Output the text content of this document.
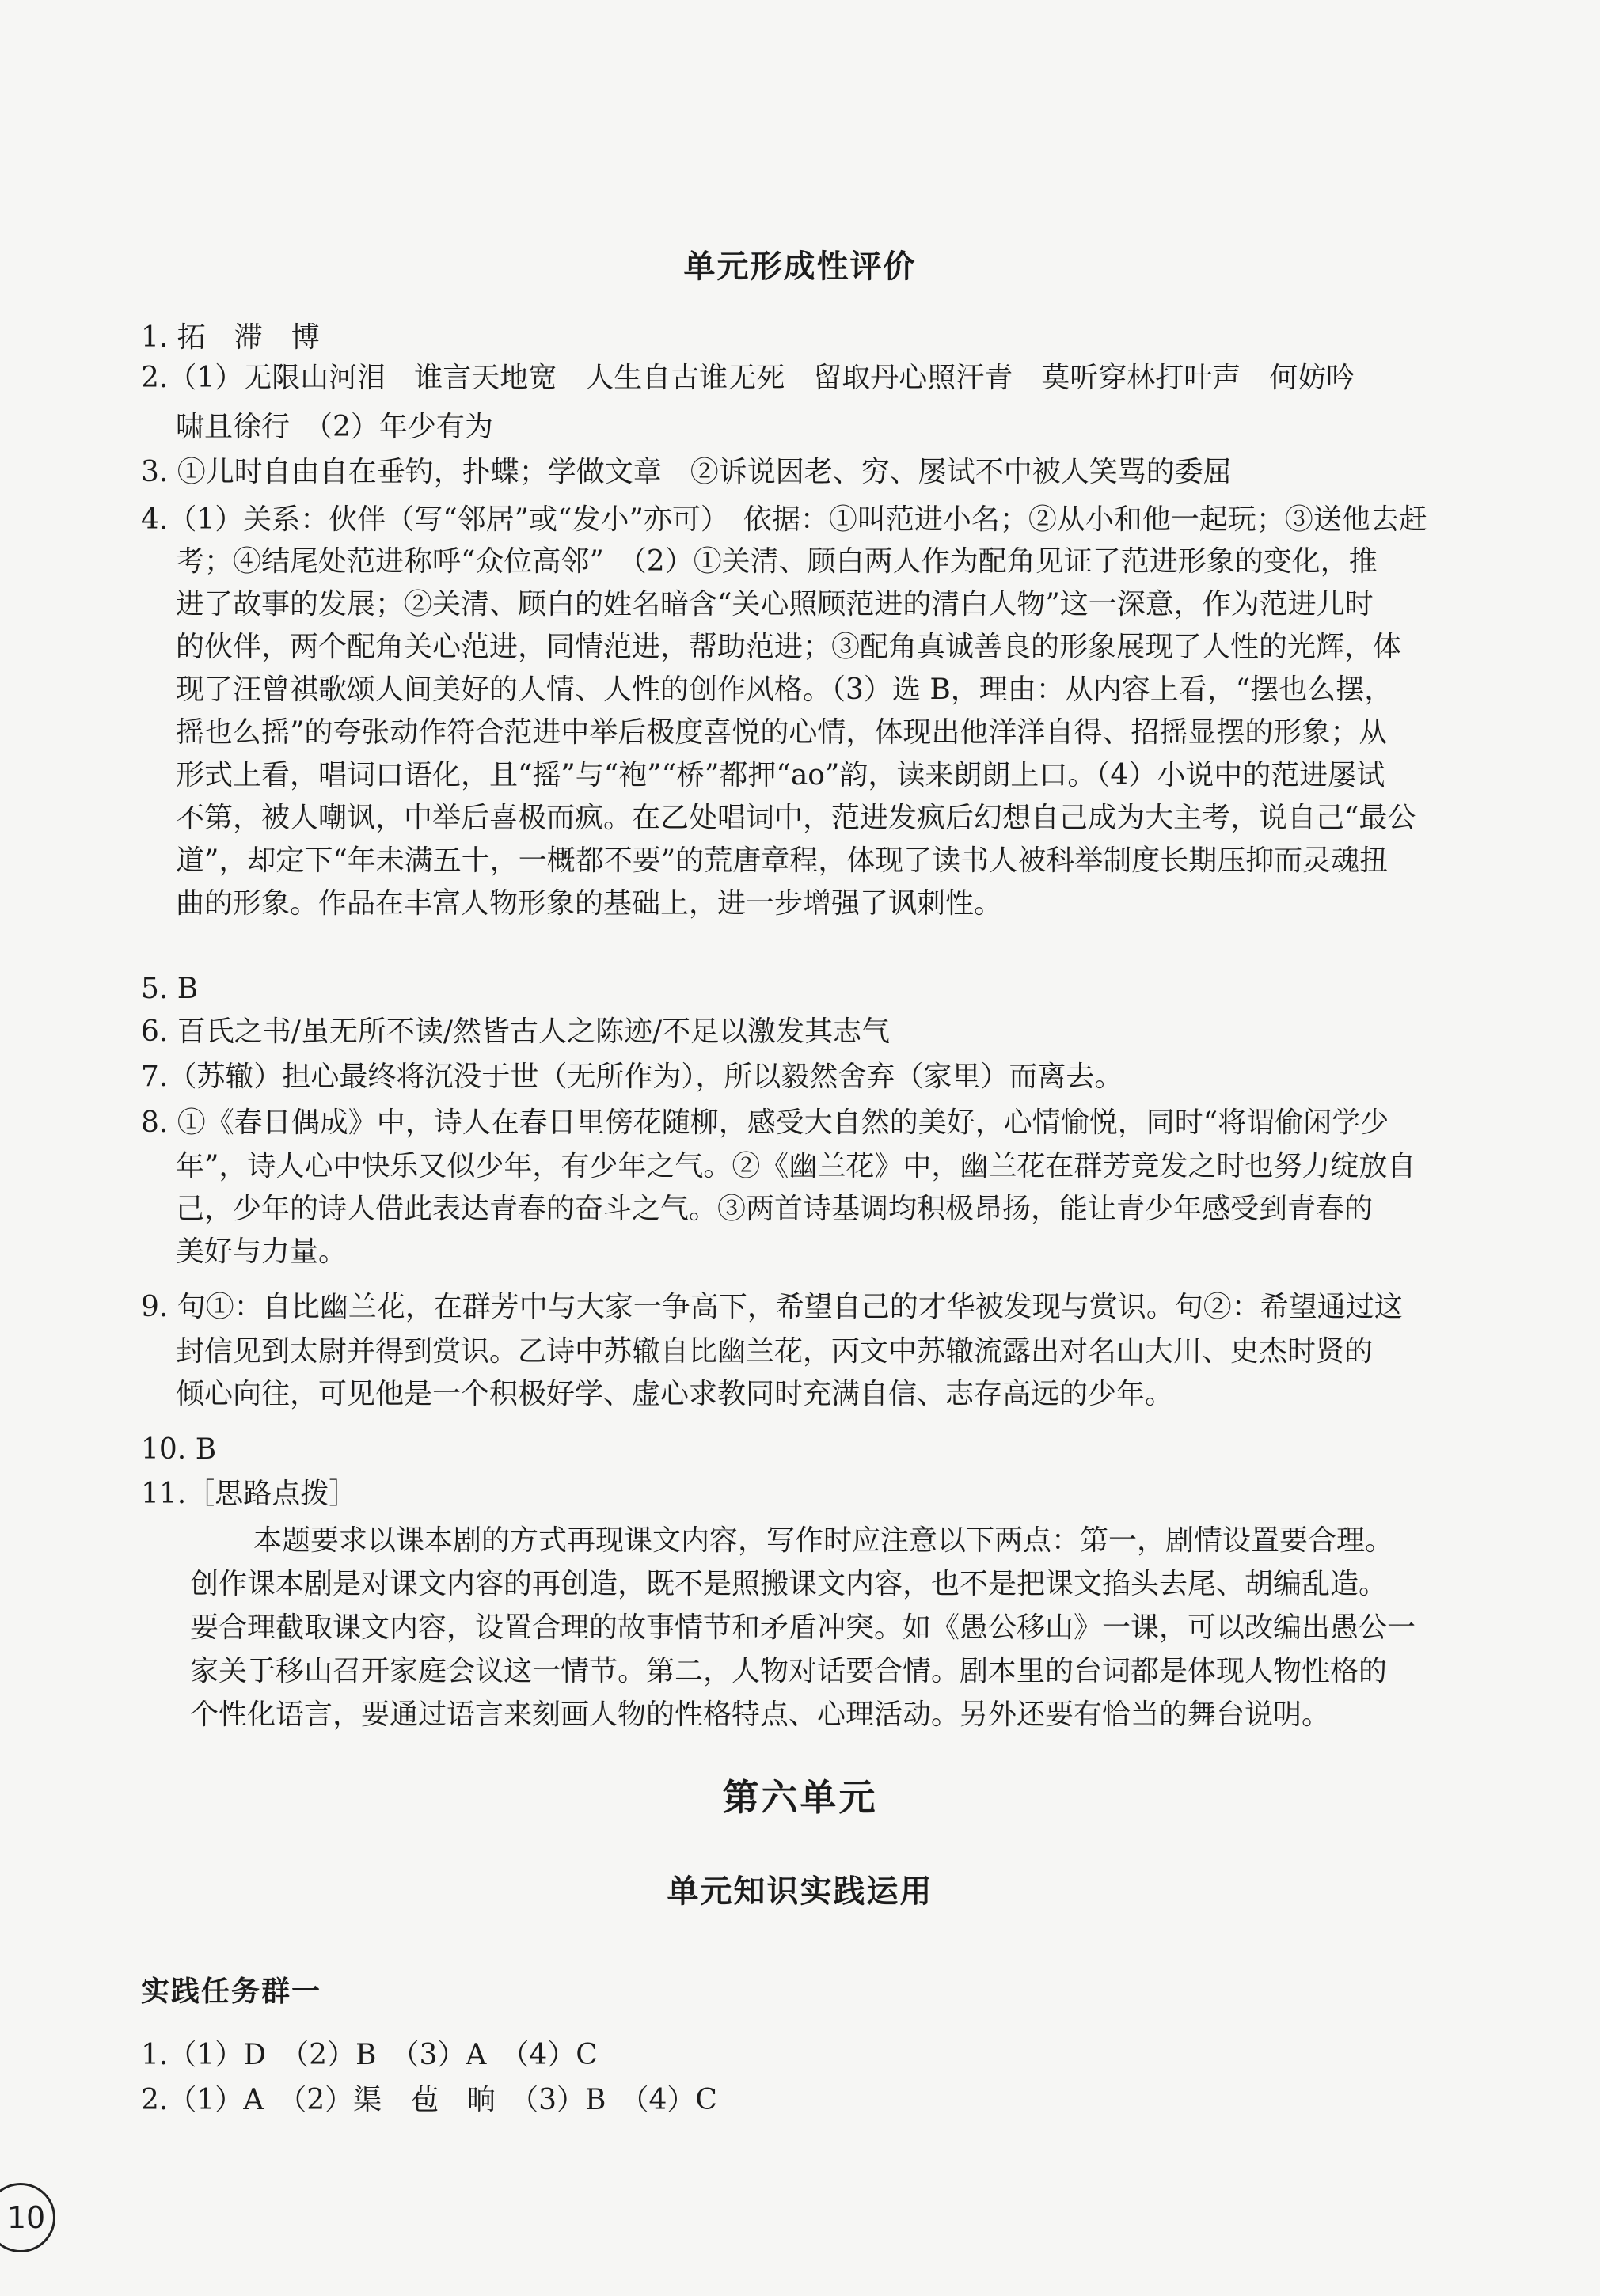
单元形成性评价
1. 拓　滞　博
2.（1）无限山河泪　谁言天地宽　人生自古谁无死　留取丹心照汗青　莫听穿林打叶声　何妨吟
啸且徐行　（2）年少有为
3. ①儿时自由自在垂钓，扑蝶；学做文章　②诉说因老、穷、屡试不中被人笑骂的委屈
4.（1）关系：伙伴（写“邻居”或“发小”亦可）　依据：①叫范进小名；②从小和他一起玩；③送他去赶
考；④结尾处范进称呼“众位高邻”　（2）①关清、顾白两人作为配角见证了范进形象的变化，推
进了故事的发展；②关清、顾白的姓名暗含“关心照顾范进的清白人物”这一深意，作为范进儿时
的伙伴，两个配角关心范进，同情范进，帮助范进；③配角真诚善良的形象展现了人性的光辉，体
现了汪曾祺歌颂人间美好的人情、人性的创作风格。（3）选 B，理由：从内容上看，“摆也么摆，
摇也么摇”的夸张动作符合范进中举后极度喜悦的心情，体现出他洋洋自得、招摇显摆的形象；从
形式上看，唱词口语化，且“摇”与“袍”“桥”都押“ao”韵，读来朗朗上口。（4）小说中的范进屡试
不第，被人嘲讽，中举后喜极而疯。在乙处唱词中，范进发疯后幻想自己成为大主考，说自己“最公
道”，却定下“年未满五十，一概都不要”的荒唐章程，体现了读书人被科举制度长期压抑而灵魂扭
曲的形象。作品在丰富人物形象的基础上，进一步增强了讽刺性。
5. B
6. 百氏之书/虽无所不读/然皆古人之陈迹/不足以激发其志气
7.（苏辙）担心最终将沉没于世（无所作为），所以毅然舍弃（家里）而离去。
8. ①《春日偶成》中，诗人在春日里傍花随柳，感受大自然的美好，心情愉悦，同时“将谓偷闲学少
年”，诗人心中快乐又似少年，有少年之气。②《幽兰花》中，幽兰花在群芳竞发之时也努力绽放自
己，少年的诗人借此表达青春的奋斗之气。③两首诗基调均积极昂扬，能让青少年感受到青春的
美好与力量。
9. 句①：自比幽兰花，在群芳中与大家一争高下，希望自己的才华被发现与赏识。句②：希望通过这
封信见到太尉并得到赏识。乙诗中苏辙自比幽兰花，丙文中苏辙流露出对名山大川、史杰时贤的
倾心向往，可见他是一个积极好学、虚心求教同时充满自信、志存高远的少年。
10. B
11.［思路点拨］
本题要求以课本剧的方式再现课文内容，写作时应注意以下两点：第一，剧情设置要合理。
创作课本剧是对课文内容的再创造，既不是照搬课文内容，也不是把课文掐头去尾、胡编乱造。
要合理截取课文内容，设置合理的故事情节和矛盾冲突。如《愚公移山》一课，可以改编出愚公一
家关于移山召开家庭会议这一情节。第二，人物对话要合情。剧本里的台词都是体现人物性格的
个性化语言，要通过语言来刻画人物的性格特点、心理活动。另外还要有恰当的舞台说明。
第六单元
单元知识实践运用
实践任务群一
1.（1）D　（2）B　（3）A　（4）C
2.（1）A　（2）渠　苞　晌　（3）B　（4）C
10
